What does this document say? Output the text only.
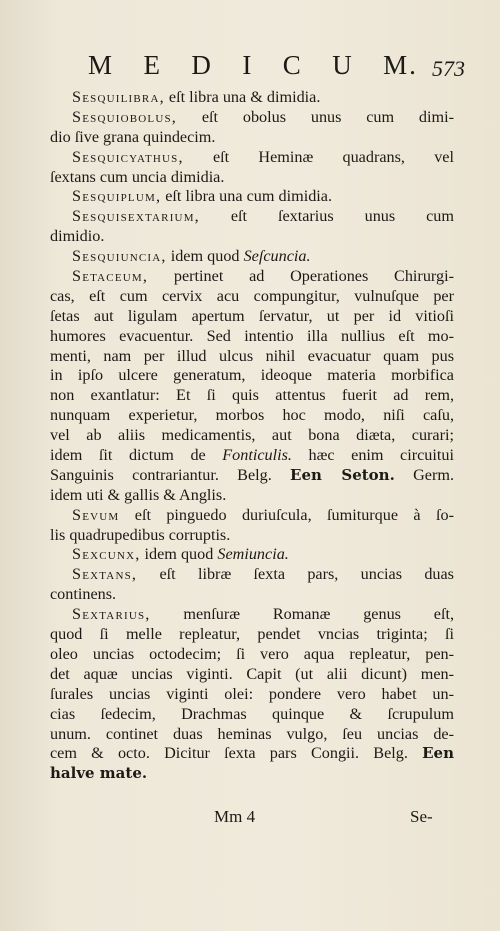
M E D I C U M. 573
Sesquilibra, eſt libra una & dimidia.
Sesquiobolus, eſt obolus unus cum dimi-
dio ſive grana quindecim.
Sesquicyathus, eſt Heminæ quadrans, vel
ſextans cum uncia dimidia.
Sesquiplum, eſt libra una cum dimidia.
Sesquisextarium, eſt ſextarius unus cum
dimidio.
Sesquiuncia, idem quod Seſcuncia.
Setaceum, pertinet ad Operationes Chirurgi-
cas, eſt cum cervix acu compungitur, vulnuſque per
ſetas aut ligulam apertum ſervatur, ut per id vitioſi
humores evacuentur. Sed intentio illa nullius eſt mo-
menti, nam per illud ulcus nihil evacuatur quam pus
in ipſo ulcere generatum, ideoque materia morbifica
non exantlatur: Et ſi quis attentus fuerit ad rem,
nunquam experietur, morbos hoc modo, niſi caſu,
vel ab aliis medicamentis, aut bona diæta, curari;
idem ſit dictum de Fonticulis. hæc enim circuitui
Sanguinis contrariantur. Belg. Een Seton. Germ.
idem uti & gallis & Anglis.
Sevum eſt pinguedo duriuſcula, ſumiturque à ſo-
lis quadrupedibus corruptis.
Sexcunx, idem quod Semiuncia.
Sextans, eſt libræ ſexta pars, uncias duas
continens.
Sextarius, menſuræ Romanæ genus eſt,
quod ſi melle repleatur, pendet vncias triginta; ſi
oleo uncias octodecim; ſi vero aqua repleatur, pen-
det aquæ uncias viginti. Capit (ut alii dicunt) men-
ſurales uncias viginti olei: pondere vero habet un-
cias ſedecim, Drachmas quinque & ſcrupulum
unum. continet duas heminas vulgo, ſeu uncias de-
cem & octo. Dicitur ſexta pars Congii. Belg. Een
halve mate.
Mm 4	Se-
